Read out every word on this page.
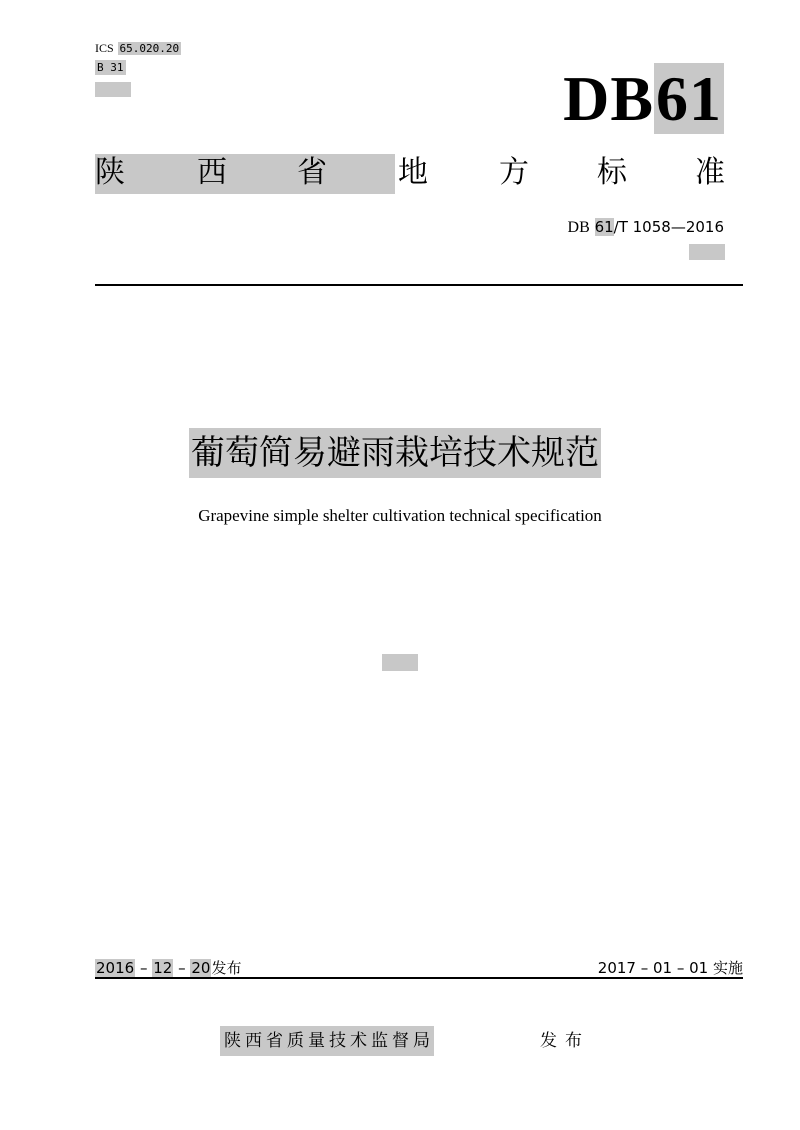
ICS 65.020.20
B 31	DB61
陕 西 省 地 方 标 准
DB 61/T 1058—2016
葡萄简易避雨栽培技术规范
Grapevine simple shelter cultivation technical specification
2016 – 12 – 20发布	2017 – 01 – 01 实施
陕西省质量技术监督局	发布
